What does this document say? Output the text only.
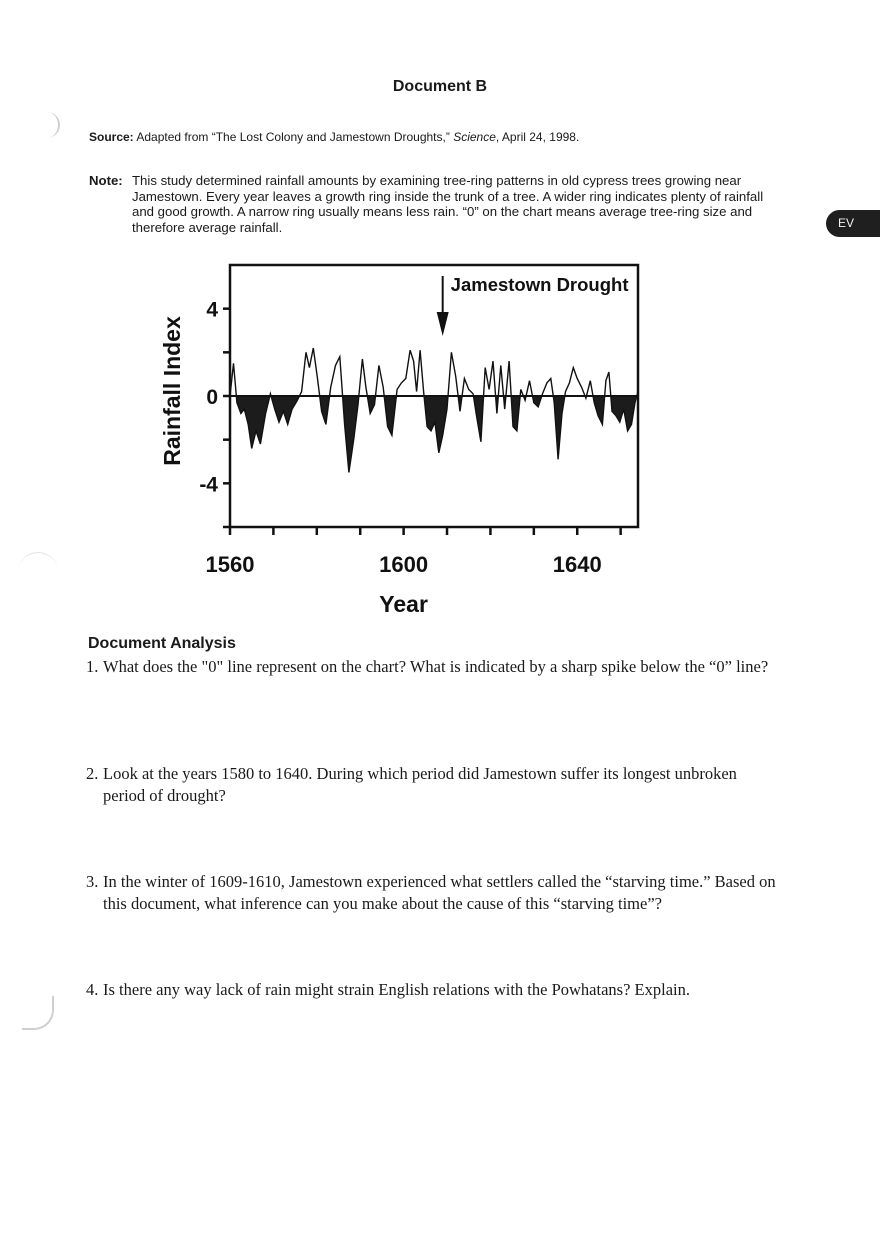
Document B
Source: Adapted from “The Lost Colony and Jamestown Droughts,” Science, April 24, 1998.
Note: This study determined rainfall amounts by examining tree-ring patterns in old cypress trees growing near Jamestown. Every year leaves a growth ring inside the trunk of a tree. A wider ring indicates plenty of rainfall and good growth. A narrow ring usually means less rain. “0” on the chart means average tree-ring size and therefore average rainfall.	EV
4
0
-4
1560	1600	1640
Year
Rainfall Index
Jamestown Drought
Document Analysis
1. What does the "0" line represent on the chart? What is indicated by a sharp spike below the “0” line?
2. Look at the years 1580 to 1640. During which period did Jamestown suffer its longest unbroken period of drought?
3. In the winter of 1609-1610, Jamestown experienced what settlers called the “starving time.” Based on this document, what inference can you make about the cause of this “starving time”?
4. Is there any way lack of rain might strain English relations with the Powhatans? Explain.
